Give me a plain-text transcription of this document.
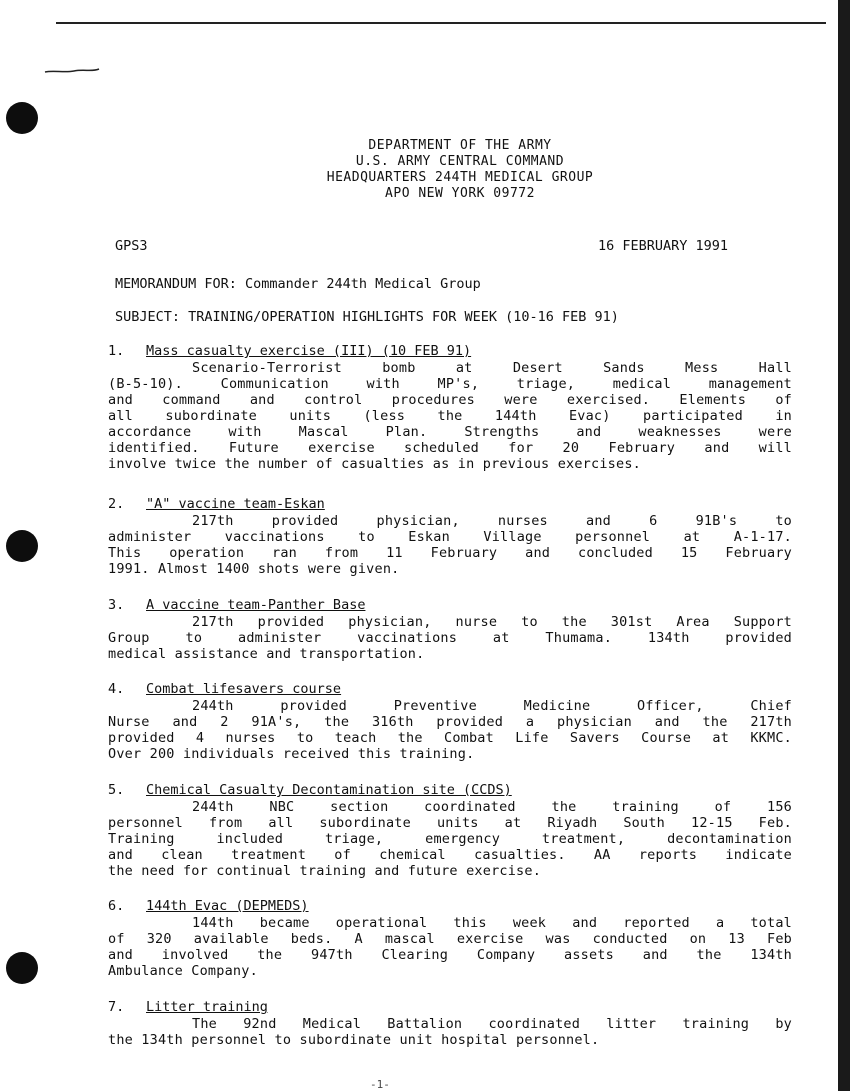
DEPARTMENT OF THE ARMY
U.S. ARMY CENTRAL COMMAND
HEADQUARTERS 244TH MEDICAL GROUP
APO NEW YORK 09772
GPS3	16 FEBRUARY 1991
MEMORANDUM FOR: Commander 244th Medical Group
SUBJECT: TRAINING/OPERATION HIGHLIGHTS FOR WEEK (10-16 FEB 91)
1. Mass casualty exercise (III) (10 FEB 91)
Scenario-Terrorist bomb at Desert Sands Mess Hall
(B-5-10). Communication with MP's, triage, medical management
and command and control procedures were exercised. Elements of
all subordinate units (less the 144th Evac) participated in
accordance with Mascal Plan. Strengths and weaknesses were
identified. Future exercise scheduled for 20 February and will
involve twice the number of casualties as in previous exercises.
2. "A" vaccine team-Eskan
217th provided physician, nurses and 6 91B's to
administer vaccinations to Eskan Village personnel at A-1-17.
This operation ran from 11 February and concluded 15 February
1991. Almost 1400 shots were given.
3. A vaccine team-Panther Base
217th provided physician, nurse to the 301st Area Support
Group to administer vaccinations at Thumama. 134th provided
medical assistance and transportation.
4. Combat lifesavers course
244th provided Preventive Medicine Officer, Chief
Nurse and 2 91A's, the 316th provided a physician and the 217th
provided 4 nurses to teach the Combat Life Savers Course at KKMC.
Over 200 individuals received this training.
5. Chemical Casualty Decontamination site (CCDS)
244th NBC section coordinated the training of 156
personnel from all subordinate units at Riyadh South 12-15 Feb.
Training included triage, emergency treatment, decontamination
and clean treatment of chemical casualties. AA reports indicate
the need for continual training and future exercise.
6. 144th Evac (DEPMEDS)
144th became operational this week and reported a total
of 320 available beds. A mascal exercise was conducted on 13 Feb
and involved the 947th Clearing Company assets and the 134th
Ambulance Company.
7. Litter training
The 92nd Medical Battalion coordinated litter training by
the 134th personnel to subordinate unit hospital personnel.
-1-
